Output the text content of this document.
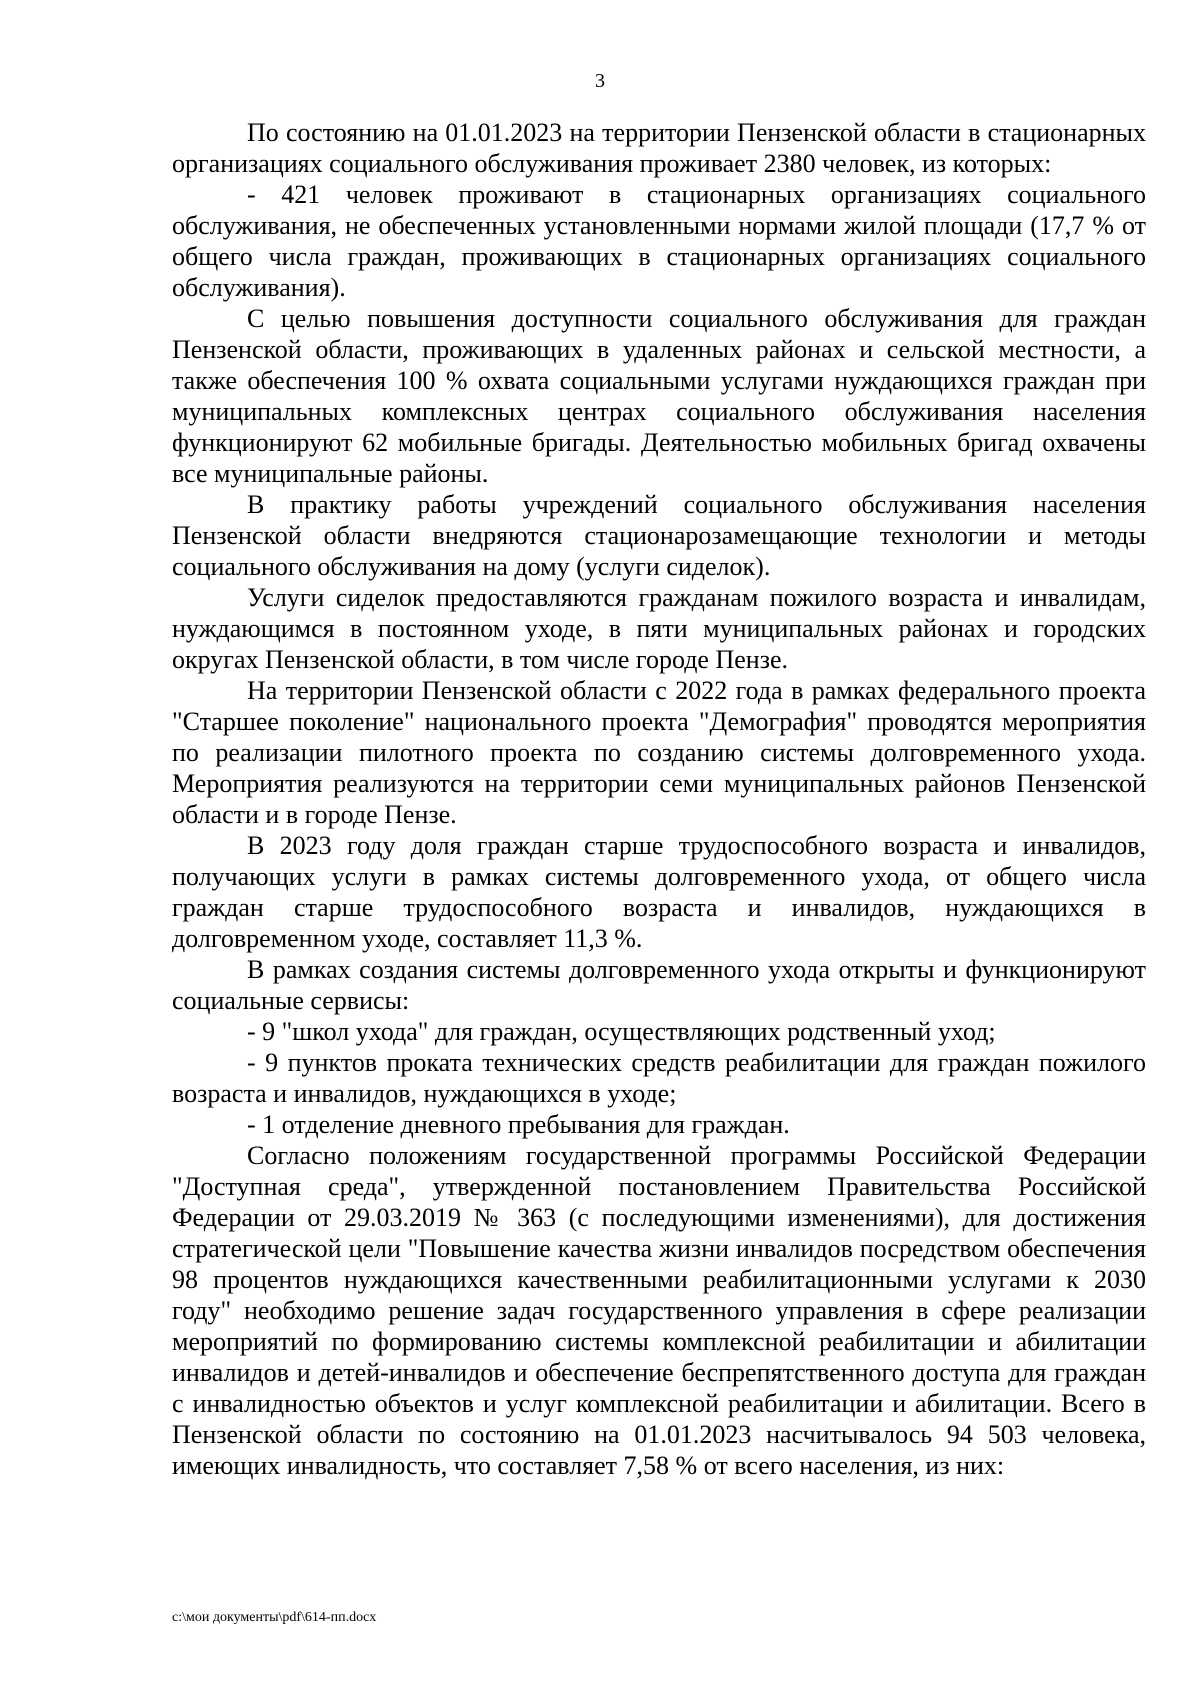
3

По состоянию на 01.01.2023 на территории Пензенской области в стационарных организациях социального обслуживания проживает 2380 человек, из которых:

- 421 человек проживают в стационарных организациях социального обслуживания, не обеспеченных установленными нормами жилой площади (17,7 % от общего числа граждан, проживающих в стационарных организациях социального обслуживания).

С целью повышения доступности социального обслуживания для граждан Пензенской области, проживающих в удаленных районах и сельской местности, а также обеспечения 100 % охвата социальными услугами нуждающихся граждан при муниципальных комплексных центрах социального обслуживания населения функционируют 62 мобильные бригады. Деятельностью мобильных бригад охвачены все муниципальные районы.

В практику работы учреждений социального обслуживания населения Пензенской области внедряются стационарозамещающие технологии и методы социального обслуживания на дому (услуги сиделок).

Услуги сиделок предоставляются гражданам пожилого возраста и инвалидам, нуждающимся в постоянном уходе, в пяти муниципальных районах и городских округах Пензенской области, в том числе городе Пензе.

На территории Пензенской области с 2022 года в рамках федерального проекта "Старшее поколение" национального проекта "Демография" проводятся мероприятия по реализации пилотного проекта по созданию системы долговременного ухода. Мероприятия реализуются на территории семи муниципальных районов Пензенской области и в городе Пензе.

В 2023 году доля граждан старше трудоспособного возраста и инвалидов, получающих услуги в рамках системы долговременного ухода, от общего числа граждан старше трудоспособного возраста и инвалидов, нуждающихся в долговременном уходе, составляет 11,3 %.

В рамках создания системы долговременного ухода открыты и функционируют социальные сервисы:

- 9 "школ ухода" для граждан, осуществляющих родственный уход;

- 9 пунктов проката технических средств реабилитации для граждан пожилого возраста и инвалидов, нуждающихся в уходе;

- 1 отделение дневного пребывания для граждан.

Согласно положениям государственной программы Российской Федерации "Доступная среда", утвержденной постановлением Правительства Российской Федерации от 29.03.2019 № 363 (с последующими изменениями), для достижения стратегической цели "Повышение качества жизни инвалидов посредством обеспечения 98 процентов нуждающихся качественными реабилитационными услугами к 2030 году" необходимо решение задач государственного управления в сфере реализации мероприятий по формированию системы комплексной реабилитации и абилитации инвалидов и детей-инвалидов и обеспечение беспрепятственного доступа для граждан с инвалидностью объектов и услуг комплексной реабилитации и абилитации. Всего в Пензенской области по состоянию на 01.01.2023 насчитывалось 94 503 человека, имеющих инвалидность, что составляет 7,58 % от всего населения, из них:

c:\мои документы\pdf\614-пп.docx
